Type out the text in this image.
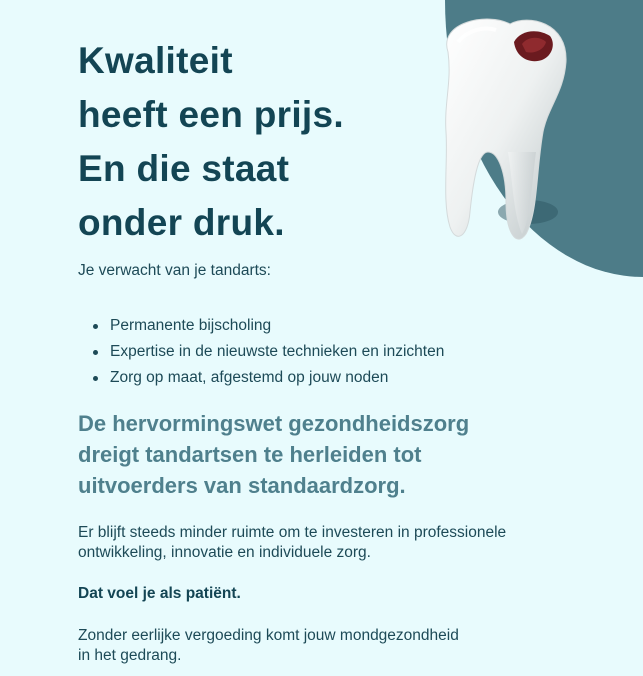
Kwaliteit
heeft een prijs.
En die staat
onder druk.

Je verwacht van je tandarts:

Permanente bijscholing
Expertise in de nieuwste technieken en inzichten
Zorg op maat, afgestemd op jouw noden
De hervormingswet gezondheidszorg
dreigt tandartsen te herleiden tot
uitvoerders van standaardzorg.

Er blijft steeds minder ruimte om te investeren in professionele
ontwikkeling, innovatie en individuele zorg.

Dat voel je als patiënt.

Zonder eerlijke vergoeding komt jouw mondgezondheid
in het gedrang.
